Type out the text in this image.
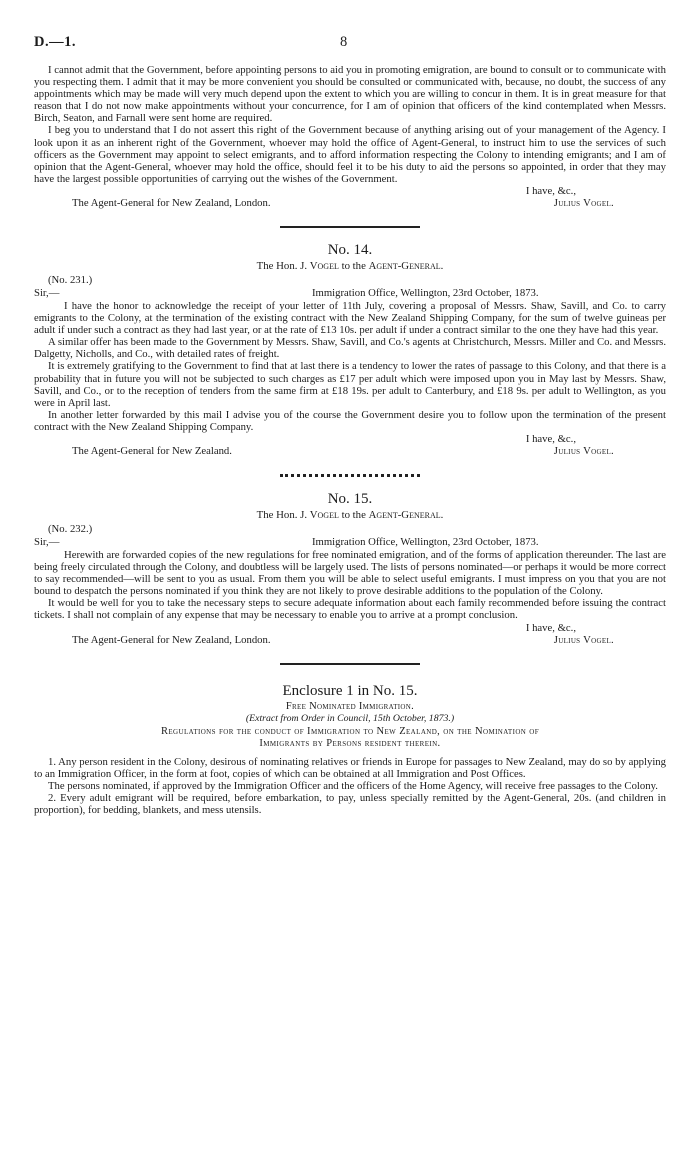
D.—1.	8

I cannot admit that the Government, before appointing persons to aid you in promoting emigration, are bound to consult or to communicate with you respecting them. I admit that it may be more convenient you should be consulted or communicated with, because, no doubt, the success of any appointments which may be made will very much depend upon the extent to which you are willing to concur in them. It is in great measure for that reason that I do not now make appointments without your concurrence, for I am of opinion that officers of the kind contemplated when Messrs. Birch, Seaton, and Farnall were sent home are required.

I beg you to understand that I do not assert this right of the Government because of anything arising out of your management of the Agency. I look upon it as an inherent right of the Government, whoever may hold the office of Agent-General, to instruct him to use the services of such officers as the Government may appoint to select emigrants, and to afford information respecting the Colony to intending emigrants; and I am of opinion that the Agent-General, whoever may hold the office, should feel it to be his duty to aid the persons so appointed, in order that they may have the largest possible opportunities of carrying out the wishes of the Government.

I have, &c.,
The Agent-General for New Zealand, London.	Julius Vogel.
No. 14.
The Hon. J. Vogel to the Agent-General.
(No. 231.)
Sir,—	Immigration Office, Wellington, 23rd October, 1873.

I have the honor to acknowledge the receipt of your letter of 11th July, covering a proposal of Messrs. Shaw, Savill, and Co. to carry emigrants to the Colony, at the termination of the existing contract with the New Zealand Shipping Company, for the sum of twelve guineas per adult if under such a contract as they had last year, or at the rate of £13 10s. per adult if under a contract similar to the one they have had this year.

A similar offer has been made to the Government by Messrs. Shaw, Savill, and Co.'s agents at Christchurch, Messrs. Miller and Co. and Messrs. Dalgetty, Nicholls, and Co., with detailed rates of freight.

It is extremely gratifying to the Government to find that at last there is a tendency to lower the rates of passage to this Colony, and that there is a probability that in future you will not be subjected to such charges as £17 per adult which were imposed upon you in May last by Messrs. Shaw, Savill, and Co., or to the reception of tenders from the same firm at £18 19s. per adult to Canterbury, and £18 9s. per adult to Wellington, as you were in April last.

In another letter forwarded by this mail I advise you of the course the Government desire you to follow upon the termination of the present contract with the New Zealand Shipping Company.

I have, &c.,
The Agent-General for New Zealand.	Julius Vogel.
No. 15.
The Hon. J. Vogel to the Agent-General.
(No. 232.)
Sir,—	Immigration Office, Wellington, 23rd October, 1873.

Herewith are forwarded copies of the new regulations for free nominated emigration, and of the forms of application thereunder. The last are being freely circulated through the Colony, and doubtless will be largely used. The lists of persons nominated—or perhaps it would be more correct to say recommended—will be sent to you as usual. From them you will be able to select useful emigrants. I must impress on you that you are not bound to despatch the persons nominated if you think they are not likely to prove desirable additions to the population of the Colony.

It would be well for you to take the necessary steps to secure adequate information about each family recommended before issuing the contract tickets. I shall not complain of any expense that may be necessary to enable you to arrive at a prompt conclusion.

I have, &c.,
The Agent-General for New Zealand, London.	Julius Vogel.
Enclosure 1 in No. 15.
Free Nominated Immigration.
(Extract from Order in Council, 15th October, 1873.)
Regulations for the conduct of Immigration to New Zealand, on the Nomination of
Immigrants by Persons resident therein.

1. Any person resident in the Colony, desirous of nominating relatives or friends in Europe for passages to New Zealand, may do so by applying to an Immigration Officer, in the form at foot, copies of which can be obtained at all Immigration and Post Offices.

The persons nominated, if approved by the Immigration Officer and the officers of the Home Agency, will receive free passages to the Colony.

2. Every adult emigrant will be required, before embarkation, to pay, unless specially remitted by the Agent-General, 20s. (and children in proportion), for bedding, blankets, and mess utensils.
